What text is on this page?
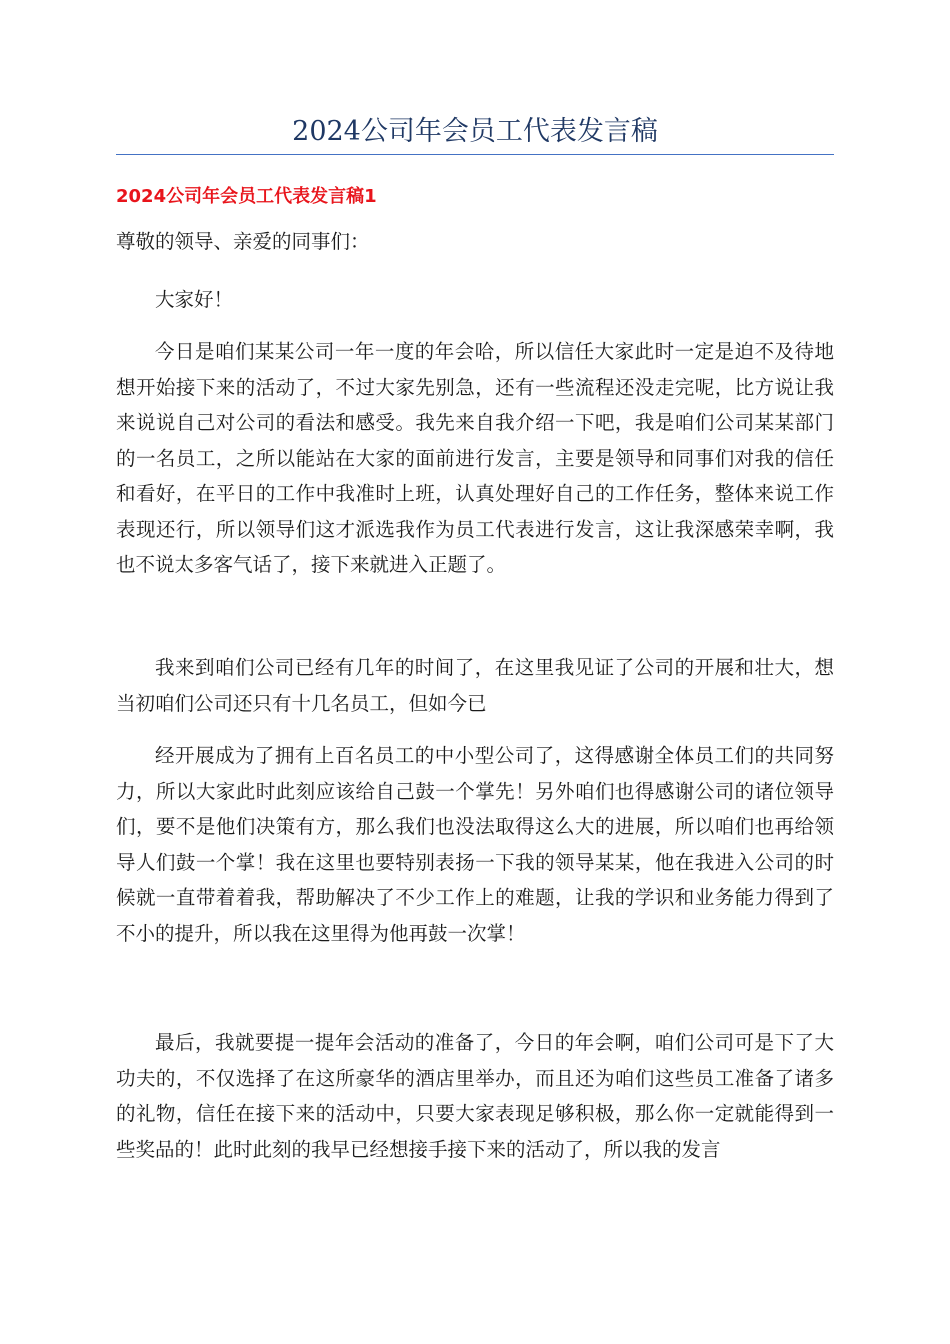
2024公司年会员工代表发言稿
2024公司年会员工代表发言稿1

尊敬的领导、亲爱的同事们：

大家好！

今日是咱们某某公司一年一度的年会哈，所以信任大家此时一定是迫不及待地想开始接下来的活动了，不过大家先别急，还有一些流程还没走完呢，比方说让我来说说自己对公司的看法和感受。我先来自我介绍一下吧，我是咱们公司某某部门的一名员工，之所以能站在大家的面前进行发言，主要是领导和同事们对我的信任和看好，在平日的工作中我准时上班，认真处理好自己的工作任务，整体来说工作表现还行，所以领导们这才派选我作为员工代表进行发言，这让我深感荣幸啊，我也不说太多客气话了，接下来就进入正题了。

我来到咱们公司已经有几年的时间了，在这里我见证了公司的开展和壮大，想当初咱们公司还只有十几名员工，但如今已

经开展成为了拥有上百名员工的中小型公司了，这得感谢全体员工们的共同努力，所以大家此时此刻应该给自己鼓一个掌先！另外咱们也得感谢公司的诸位领导们，要不是他们决策有方，那么我们也没法取得这么大的进展，所以咱们也再给领导人们鼓一个掌！我在这里也要特别表扬一下我的领导某某，他在我进入公司的时候就一直带着着我，帮助解决了不少工作上的难题，让我的学识和业务能力得到了不小的提升，所以我在这里得为他再鼓一次掌！

最后，我就要提一提年会活动的准备了，今日的年会啊，咱们公司可是下了大功夫的，不仅选择了在这所豪华的酒店里举办，而且还为咱们这些员工准备了诸多的礼物，信任在接下来的活动中，只要大家表现足够积极，那么你一定就能得到一些奖品的！此时此刻的我早已经想接手接下来的活动了，所以我的发言
